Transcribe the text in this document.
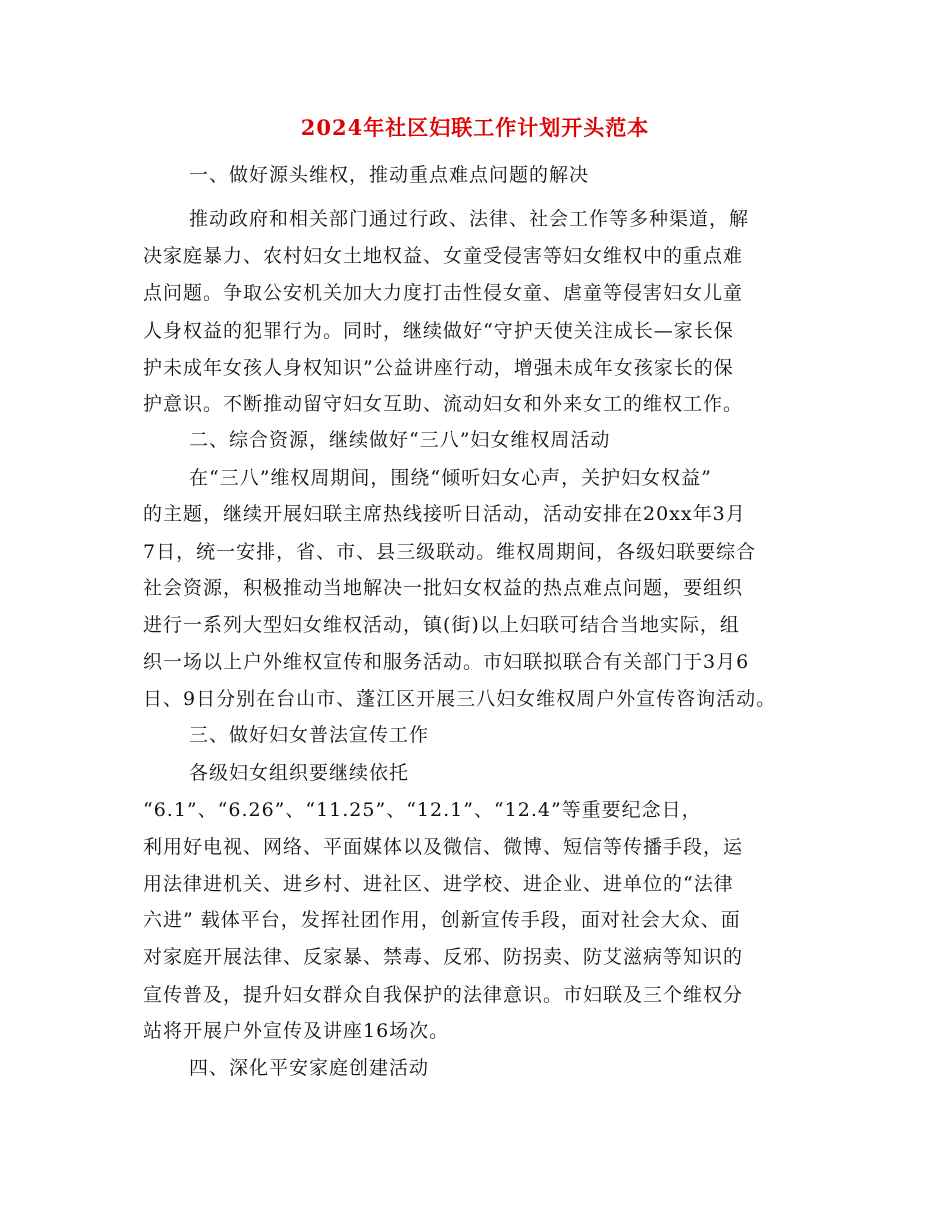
2024年社区妇联工作计划开头范本
一、做好源头维权，推动重点难点问题的解决
推动政府和相关部门通过行政、法律、社会工作等多种渠道，解
决家庭暴力、农村妇女土地权益、女童受侵害等妇女维权中的重点难
点问题。争取公安机关加大力度打击性侵女童、虐童等侵害妇女儿童
人身权益的犯罪行为。同时，继续做好“守护天使关注成长—家长保
护未成年女孩人身权知识”公益讲座行动，增强未成年女孩家长的保
护意识。不断推动留守妇女互助、流动妇女和外来女工的维权工作。
二、综合资源，继续做好“三八”妇女维权周活动
在“三八”维权周期间，围绕“倾听妇女心声，关护妇女权益”
的主题，继续开展妇联主席热线接听日活动，活动安排在20xx年3月
7日，统一安排，省、市、县三级联动。维权周期间，各级妇联要综合
社会资源，积极推动当地解决一批妇女权益的热点难点问题，要组织
进行一系列大型妇女维权活动，镇(街)以上妇联可结合当地实际，组
织一场以上户外维权宣传和服务活动。市妇联拟联合有关部门于3月6
日、9日分别在台山市、蓬江区开展三八妇女维权周户外宣传咨询活动。
三、做好妇女普法宣传工作
各级妇女组织要继续依托
“6.1”、“6.26”、“11.25”、“12.1”、“12.4”等重要纪念日，
利用好电视、网络、平面媒体以及微信、微博、短信等传播手段，运
用法律进机关、进乡村、进社区、进学校、进企业、进单位的“法律
六进” 载体平台，发挥社团作用，创新宣传手段，面对社会大众、面
对家庭开展法律、反家暴、禁毒、反邪、防拐卖、防艾滋病等知识的
宣传普及，提升妇女群众自我保护的法律意识。市妇联及三个维权分
站将开展户外宣传及讲座16场次。
四、深化平安家庭创建活动
